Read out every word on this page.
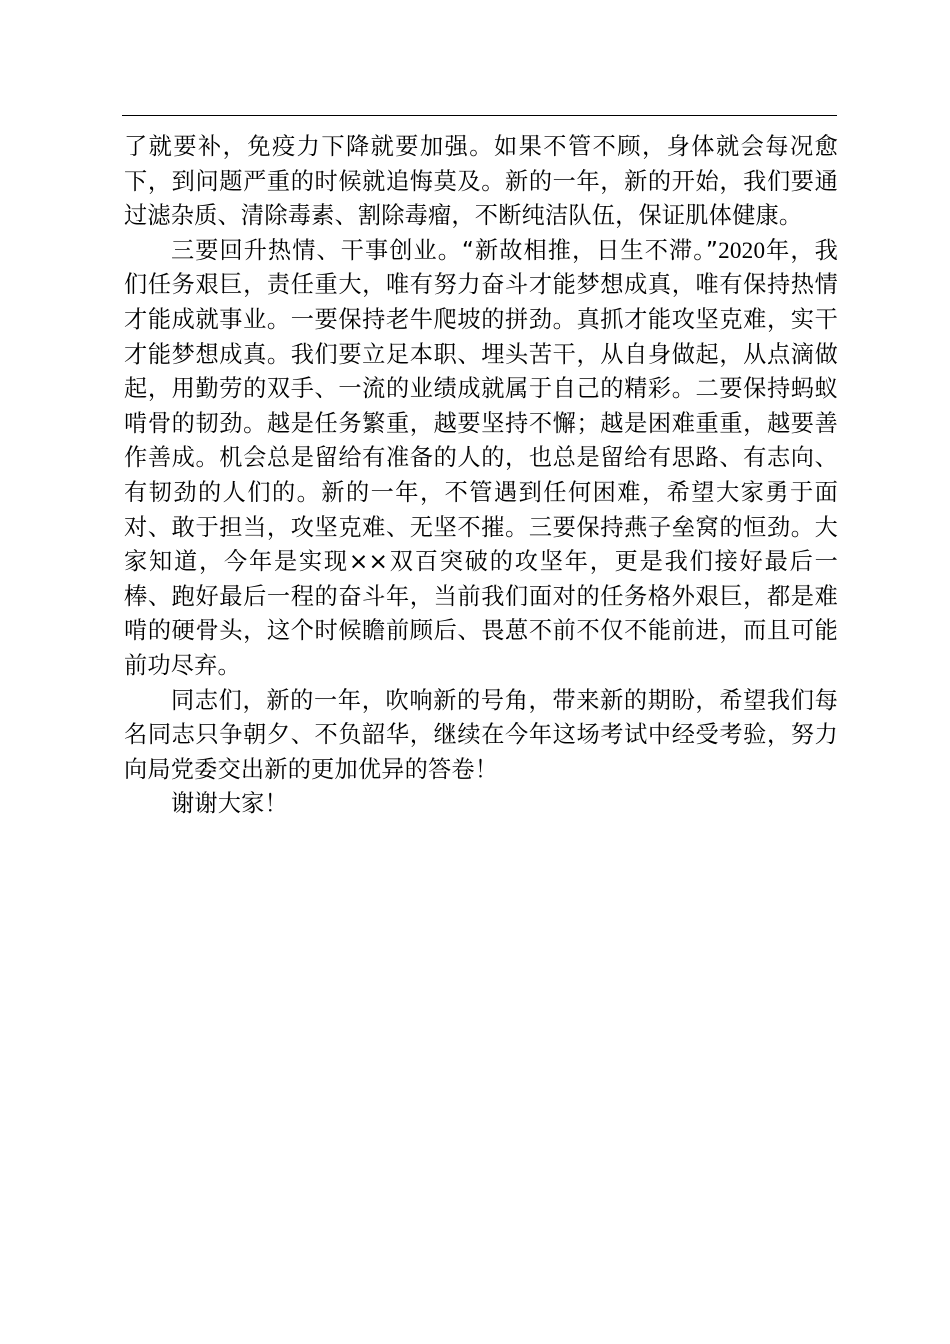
了就要补，免疫力下降就要加强。如果不管不顾，身体就会每况愈下，到问题严重的时候就追悔莫及。新的一年，新的开始，我们要通过滤杂质、清除毒素、割除毒瘤，不断纯洁队伍，保证肌体健康。

三要回升热情、干事创业。“新故相推，日生不滞。”2020年，我们任务艰巨，责任重大，唯有努力奋斗才能梦想成真，唯有保持热情才能成就事业。一要保持老牛爬坡的拼劲。真抓才能攻坚克难，实干才能梦想成真。我们要立足本职、埋头苦干，从自身做起，从点滴做起，用勤劳的双手、一流的业绩成就属于自己的精彩。二要保持蚂蚁啃骨的韧劲。越是任务繁重，越要坚持不懈；越是困难重重，越要善作善成。机会总是留给有准备的人的，也总是留给有思路、有志向、有韧劲的人们的。新的一年，不管遇到任何困难，希望大家勇于面对、敢于担当，攻坚克难、无坚不摧。三要保持燕子垒窝的恒劲。大家知道，今年是实现××双百突破的攻坚年，更是我们接好最后一棒、跑好最后一程的奋斗年，当前我们面对的任务格外艰巨，都是难啃的硬骨头，这个时候瞻前顾后、畏葸不前不仅不能前进，而且可能前功尽弃。

同志们，新的一年，吹响新的号角，带来新的期盼，希望我们每名同志只争朝夕、不负韶华，继续在今年这场考试中经受考验，努力向局党委交出新的更加优异的答卷！

谢谢大家！
